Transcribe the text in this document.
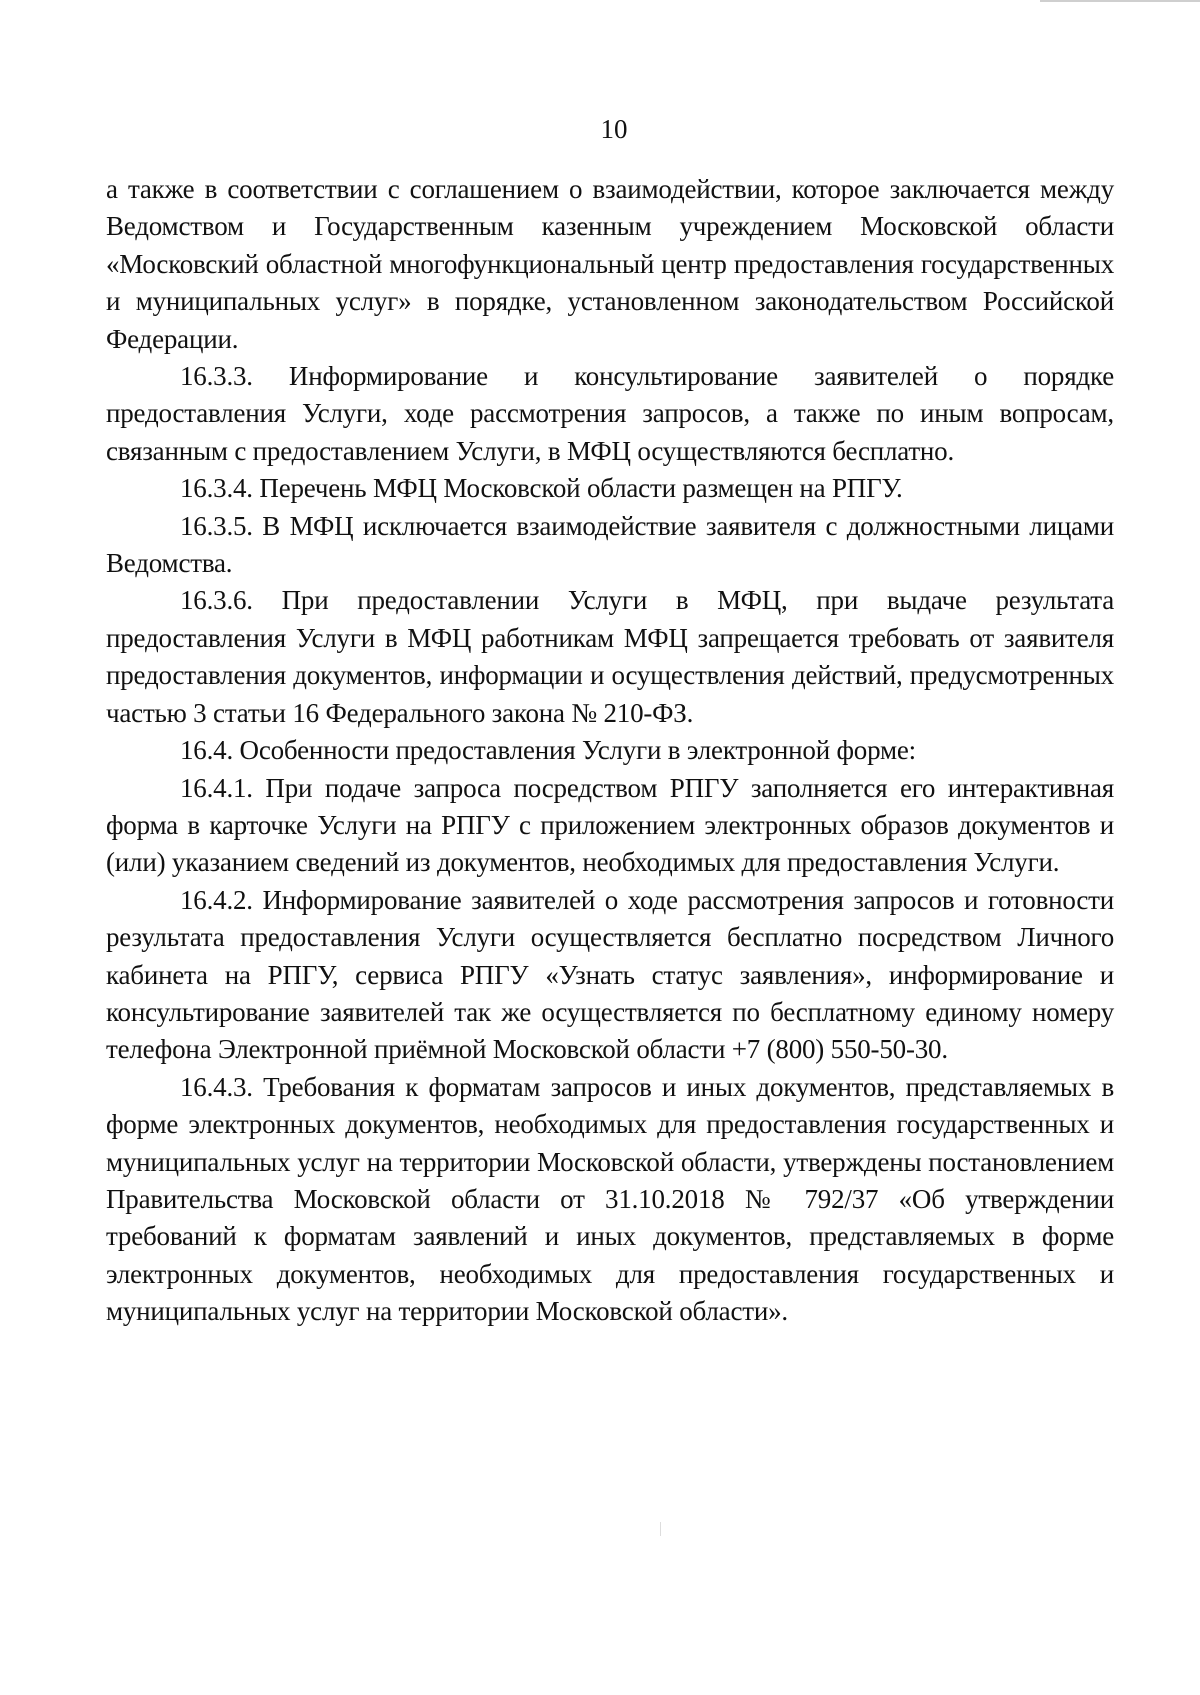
10

а также в соответствии с соглашением о взаимодействии, которое заключается между Ведомством и Государственным казенным учреждением Московской области «Московский областной многофункциональный центр предоставления государственных и муниципальных услуг» в порядке, установленном законодательством Российской Федерации.

16.3.3. Информирование и консультирование заявителей о порядке предоставления Услуги, ходе рассмотрения запросов, а также по иным вопросам, связанным с предоставлением Услуги, в МФЦ осуществляются бесплатно.

16.3.4. Перечень МФЦ Московской области размещен на РПГУ.

16.3.5. В МФЦ исключается взаимодействие заявителя с должностными лицами Ведомства.

16.3.6. При предоставлении Услуги в МФЦ, при выдаче результата предоставления Услуги в МФЦ работникам МФЦ запрещается требовать от заявителя предоставления документов, информации и осуществления действий, предусмотренных частью 3 статьи 16 Федерального закона № 210-ФЗ.

16.4. Особенности предоставления Услуги в электронной форме:

16.4.1. При подаче запроса посредством РПГУ заполняется его интерактивная форма в карточке Услуги на РПГУ с приложением электронных образов документов и (или) указанием сведений из документов, необходимых для предоставления Услуги.

16.4.2. Информирование заявителей о ходе рассмотрения запросов и готовности результата предоставления Услуги осуществляется бесплатно посредством Личного кабинета на РПГУ, сервиса РПГУ «Узнать статус заявления», информирование и консультирование заявителей так же осуществляется по бесплатному единому номеру телефона Электронной приёмной Московской области +7 (800) 550-50-30.

16.4.3. Требования к форматам запросов и иных документов, представляемых в форме электронных документов, необходимых для предоставления государственных и муниципальных услуг на территории Московской области, утверждены постановлением Правительства Московской области от 31.10.2018 № 792/37 «Об утверждении требований к форматам заявлений и иных документов, представляемых в форме электронных документов, необходимых для предоставления государственных и муниципальных услуг на территории Московской области».
